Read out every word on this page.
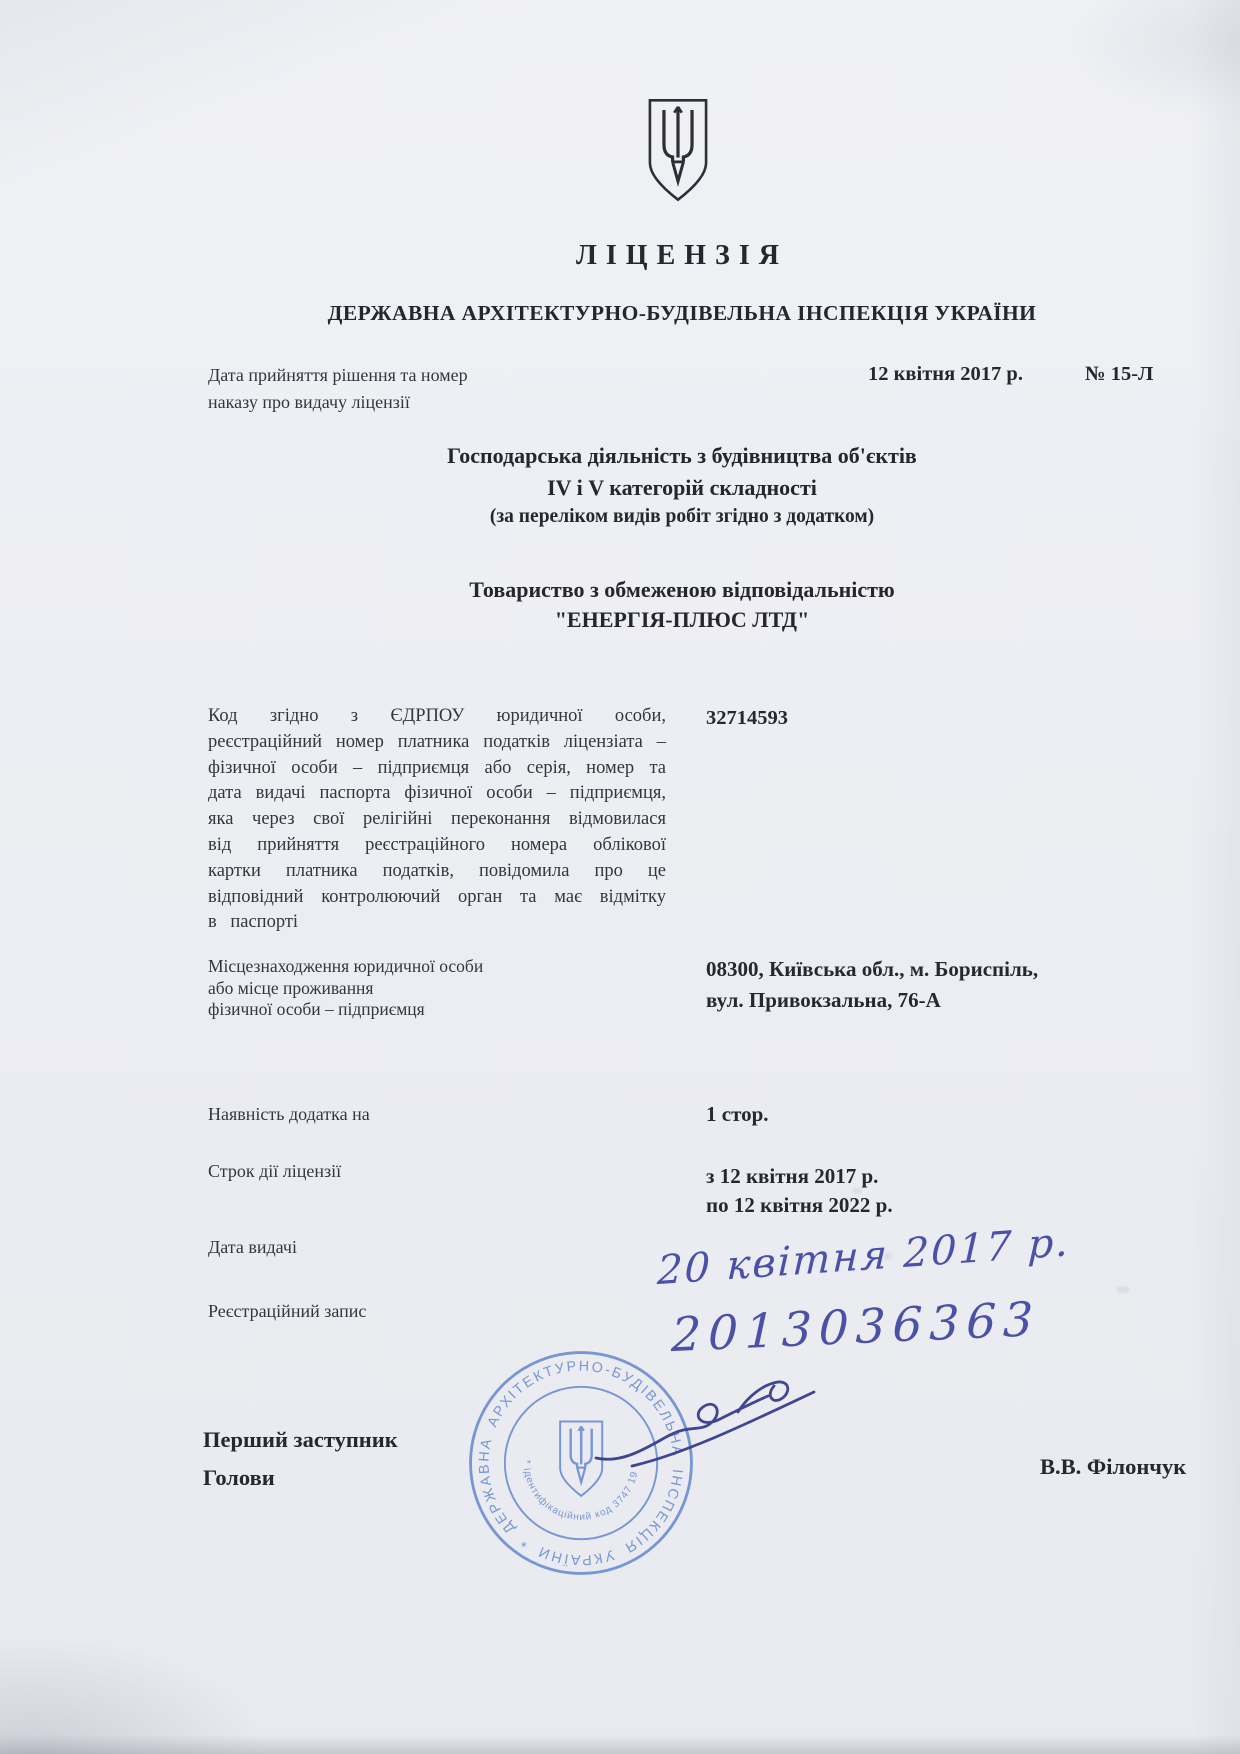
ЛІЦЕНЗІЯ
ДЕРЖАВНА АРХІТЕКТУРНО-БУДІВЕЛЬНА ІНСПЕКЦІЯ УКРАЇНИ
Дата прийняття рішення та номер
наказу про видачу ліцензії
12 квітня 2017 р.	№ 15-Л
Господарська діяльність з будівництва об'єктів
IV і V категорій складності
(за переліком видів робіт згідно з додатком)
Товариство з обмеженою відповідальністю
"ЕНЕРГІЯ-ПЛЮС ЛТД"
Код згідно з ЄДРПОУ юридичної особи, реєстраційний номер платника податків ліцензіата – фізичної особи – підприємця або серія, номер та дата видачі паспорта фізичної особи – підприємця, яка через свої релігійні переконання відмовилася від прийняття реєстраційного номера облікової картки платника податків, повідомила про це відповідний контролюючий орган та має відмітку в паспорті
32714593
Місцезнаходження юридичної особи
або місце проживання
фізичної особи – підприємця
08300, Київська обл., м. Бориспіль,
вул. Привокзальна, 76-А
Наявність додатка на	1 стор.
Строк дії ліцензії	з 12 квітня 2017 р.
по 12 квітня 2022 р.
Дата видачі	20 квітня 2017 р.
Реєстраційний запис	2013036363
ДЕРЖАВНА АРХІТЕКТУРНО-БУДІВЕЛЬНА ІНСПЕКЦІЯ УКРАЇНИ *
* ідентифікаційний код 3747 19
Перший заступник
Голови	В.В. Філончук
